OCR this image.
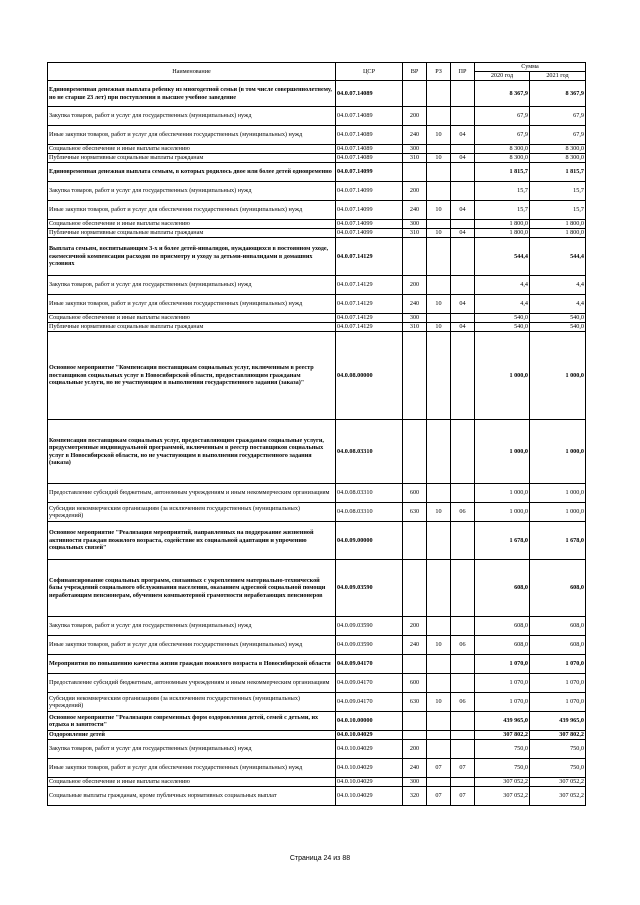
Наименование	ЦСР	ВР	РЗ	ПР	Сумма	
					2020 год	2021 год
Единовременная денежная выплата ребенку из многодетной семьи (в том числе совершеннолетнему, но не старше 23 лет) при поступлении в высшее учебное заведение	04.0.07.14089				8 367,9	8 367,9
Закупка товаров, работ и услуг для государственных (муниципальных) нужд	04.0.07.14089	200			67,9	67,9
Иные закупки товаров, работ и услуг для обеспечения государственных (муниципальных) нужд	04.0.07.14089	240	10	04	67,9	67,9
Социальное обеспечение и иные выплаты населению	04.0.07.14089	300			8 300,0	8 300,0
Публичные нормативные социальные выплаты гражданам	04.0.07.14089	310	10	04	8 300,0	8 300,0
Единовременная денежная выплата семьям, в которых родилось двое или более детей одновременно	04.0.07.14099				1 815,7	1 815,7
Закупка товаров, работ и услуг для государственных (муниципальных) нужд	04.0.07.14099	200			15,7	15,7
Иные закупки товаров, работ и услуг для обеспечения государственных (муниципальных) нужд	04.0.07.14099	240	10	04	15,7	15,7
Социальное обеспечение и иные выплаты населению	04.0.07.14099	300			1 800,0	1 800,0
Публичные нормативные социальные выплаты гражданам	04.0.07.14099	310	10	04	1 800,0	1 800,0
Выплата семьям, воспитывающим 3-х и более детей-инвалидов, нуждающихся в постоянном уходе, ежемесячной компенсации расходов по присмотру и уходу за детьми-инвалидами в домашних условиях	04.0.07.14129				544,4	544,4
Закупка товаров, работ и услуг для государственных (муниципальных) нужд	04.0.07.14129	200			4,4	4,4
Иные закупки товаров, работ и услуг для обеспечения государственных (муниципальных) нужд	04.0.07.14129	240	10	04	4,4	4,4
Социальное обеспечение и иные выплаты населению	04.0.07.14129	300			540,0	540,0
Публичные нормативные социальные выплаты гражданам	04.0.07.14129	310	10	04	540,0	540,0
Основное мероприятие "Компенсация поставщикам социальных услуг, включенным в реестр поставщиков социальных услуг в Новосибирской области, предоставляющим гражданам социальные услуги, но не участвующим в выполнении государственного задания (заказа)"	04.0.08.00000				1 000,0	1 000,0
Компенсация поставщикам социальных услуг, предоставляющим гражданам социальные услуги, предусмотренные индивидуальной программой, включенным в реестр поставщиков социальных услуг в Новосибирской области, но не участвующим в выполнении государственного задания (заказа)	04.0.08.03310				1 000,0	1 000,0
Предоставление субсидий бюджетным, автономным учреждениям и иным некоммерческим организациям	04.0.08.03310	600			1 000,0	1 000,0
Субсидии некоммерческим организациям (за исключением государственных (муниципальных) учреждений)	04.0.08.03310	630	10	06	1 000,0	1 000,0
Основное мероприятие "Реализация мероприятий, направленных на поддержание жизненной активности граждан пожилого возраста, содействие их социальной адаптации и упрочению социальных связей"	04.0.09.00000				1 678,0	1 678,0
Софинансирование социальных программ, связанных с укреплением материально-технической базы учреждений социального обслуживания населения, оказанием адресной социальной помощи неработающим пенсионерам, обучением компьютерной грамотности неработающих пенсионеров	04.0.09.03590				608,0	608,0
Закупка товаров, работ и услуг для государственных (муниципальных) нужд	04.0.09.03590	200			608,0	608,0
Иные закупки товаров, работ и услуг для обеспечения государственных (муниципальных) нужд	04.0.09.03590	240	10	06	608,0	608,0
Мероприятия по повышению качества жизни граждан пожилого возраста в Новосибирской области	04.0.09.04170				1 070,0	1 070,0
Предоставление субсидий бюджетным, автономным учреждениям и иным некоммерческим организациям	04.0.09.04170	600			1 070,0	1 070,0
Субсидии некоммерческим организациям (за исключением государственных (муниципальных) учреждений)	04.0.09.04170	630	10	06	1 070,0	1 070,0
Основное мероприятие "Реализация современных форм оздоровления детей, семей с детьми, их отдыха и занятости"	04.0.10.00000				439 965,0	439 965,0
Оздоровление детей	04.0.10.04029				307 802,2	307 802,2
Закупка товаров, работ и услуг для государственных (муниципальных) нужд	04.0.10.04029	200			750,0	750,0
Иные закупки товаров, работ и услуг для обеспечения государственных (муниципальных) нужд	04.0.10.04029	240	07	07	750,0	750,0
Социальное обеспечение и иные выплаты населению	04.0.10.04029	300			307 052,2	307 052,2
Социальные выплаты гражданам, кроме публичных нормативных социальных выплат	04.0.10.04029	320	07	07	307 052,2	307 052,2
Страница 24 из 88
